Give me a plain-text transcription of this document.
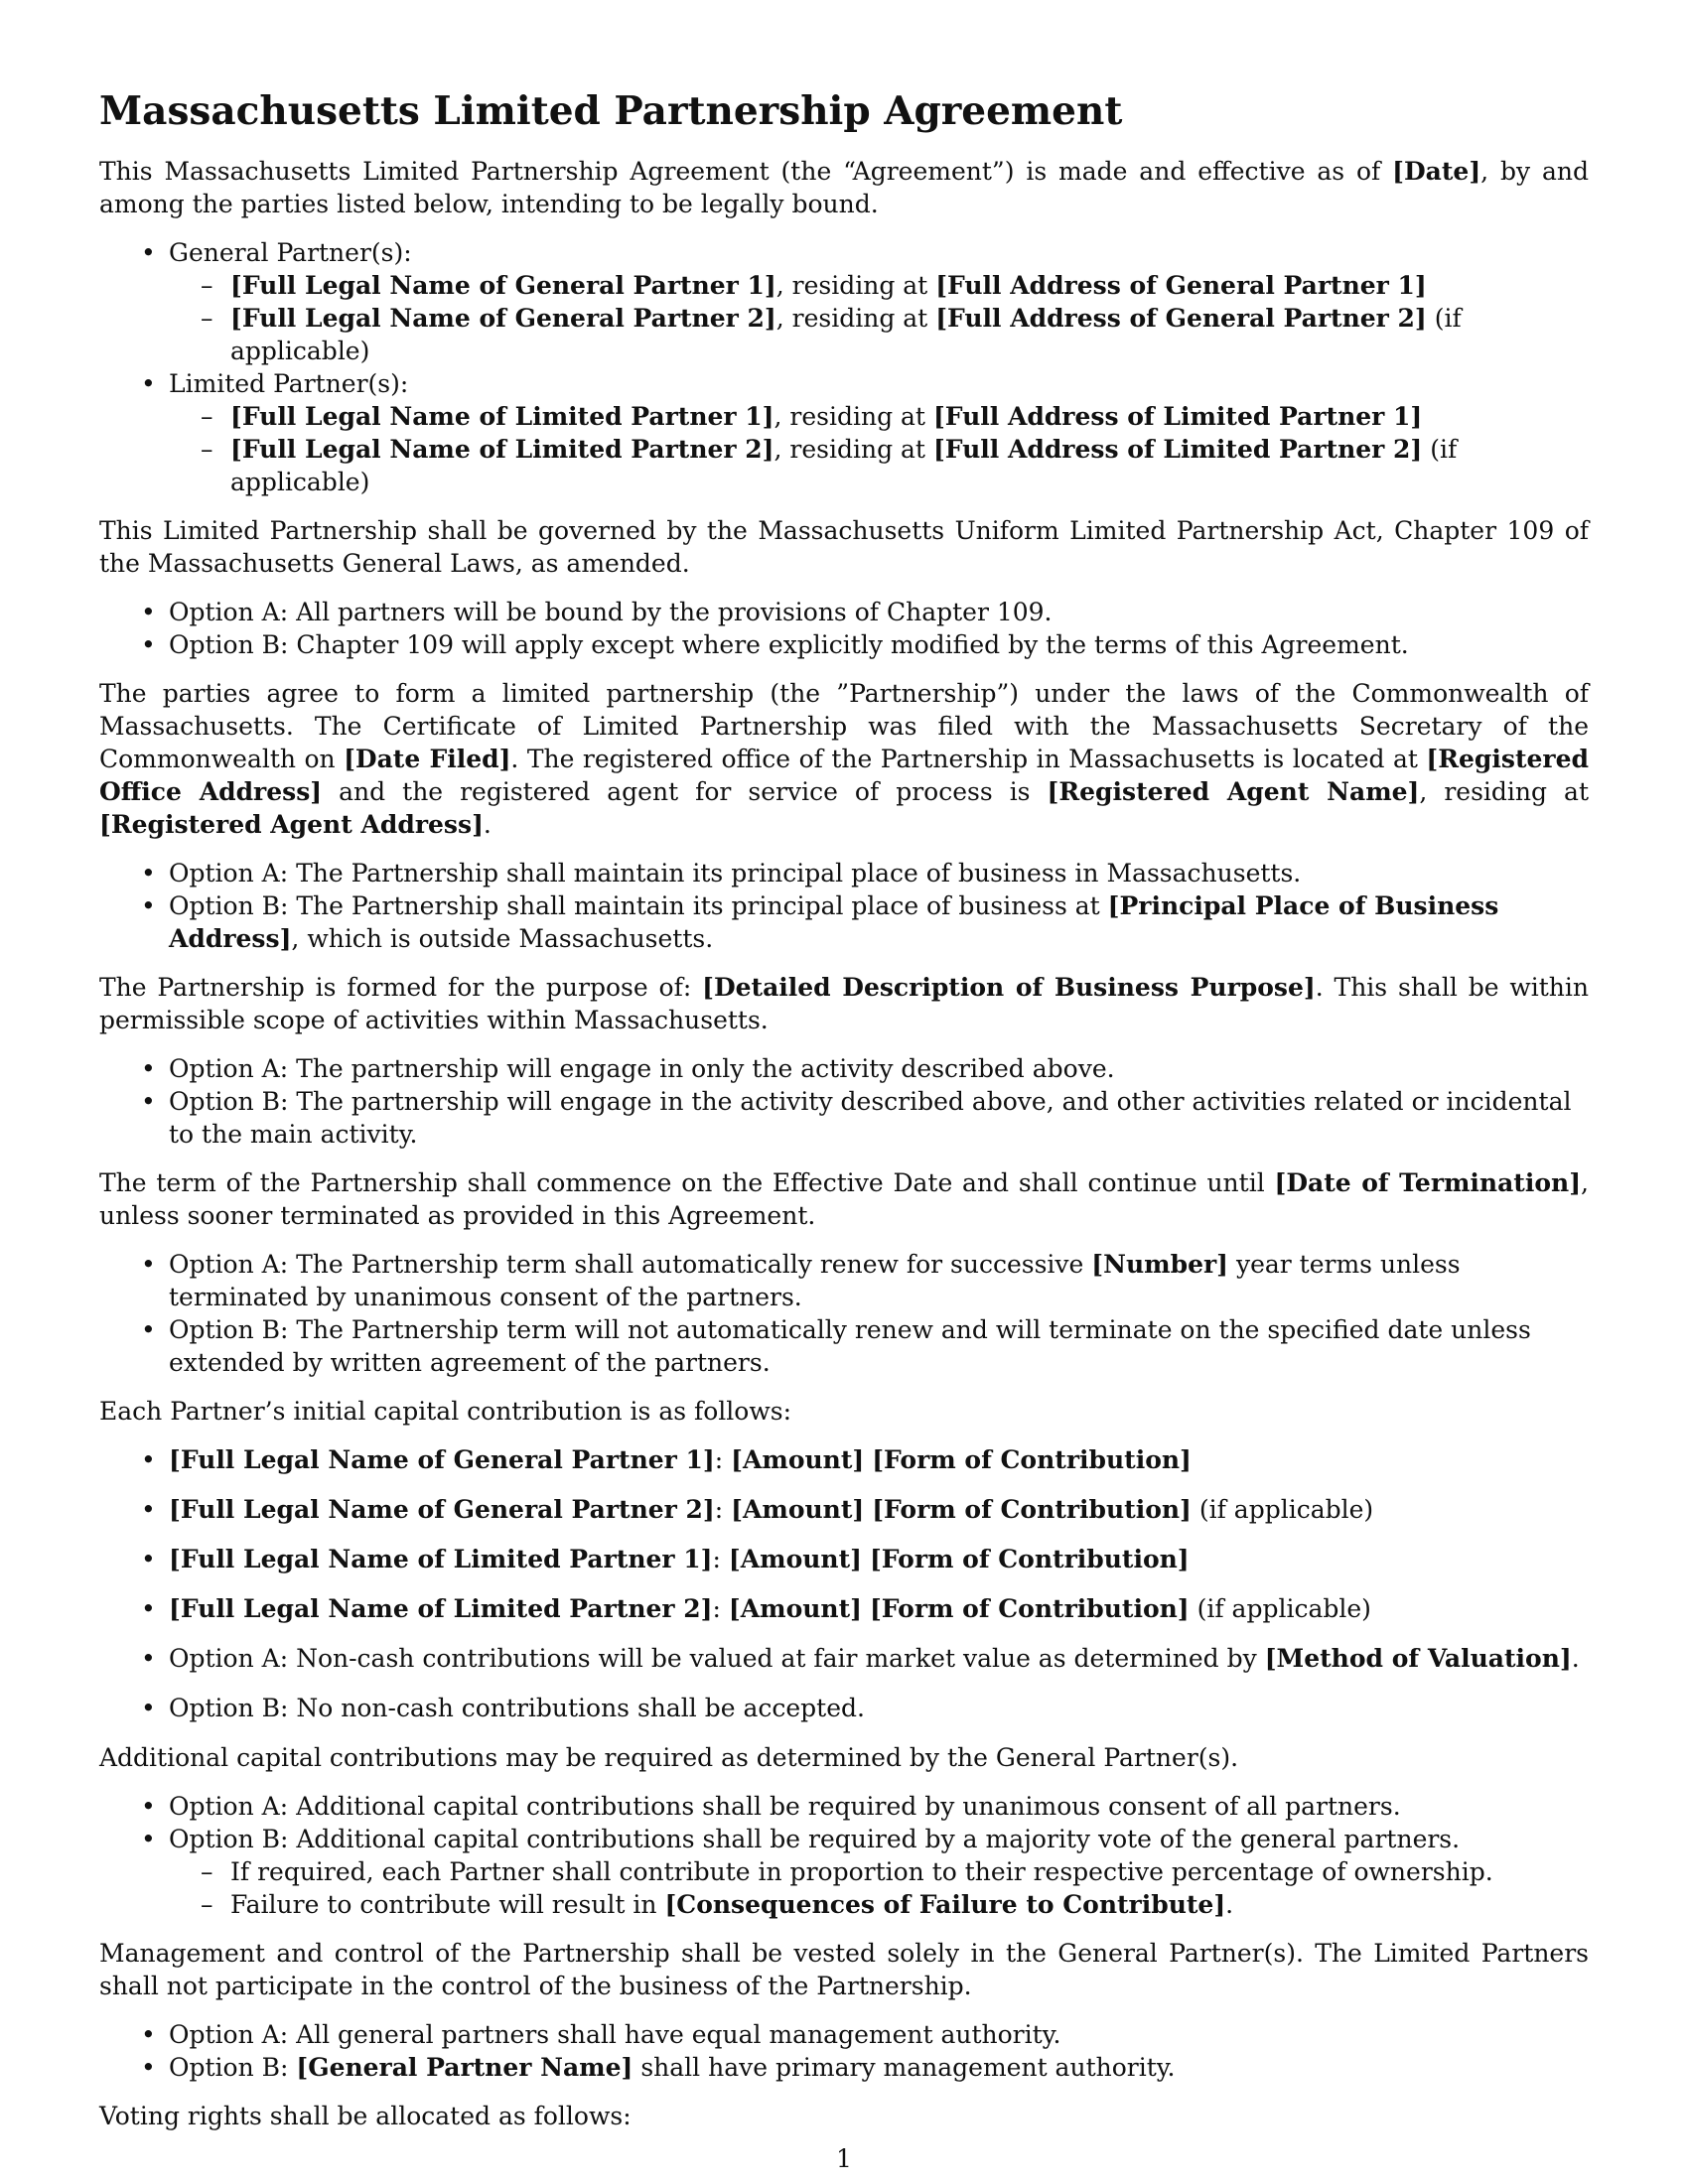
Massachusetts Limited Partnership Agreement

This Massachusetts Limited Partnership Agreement (the “Agreement”) is made and effective as of [Date], by and among the parties listed below, intending to be legally bound.

• General Partner(s):
– [Full Legal Name of General Partner 1], residing at [Full Address of General Partner 1]
– [Full Legal Name of General Partner 2], residing at [Full Address of General Partner 2] (if applicable)
• Limited Partner(s):
– [Full Legal Name of Limited Partner 1], residing at [Full Address of Limited Partner 1]
– [Full Legal Name of Limited Partner 2], residing at [Full Address of Limited Partner 2] (if applicable)

This Limited Partnership shall be governed by the Massachusetts Uniform Limited Partnership Act, Chapter 109 of the Massachusetts General Laws, as amended.

• Option A: All partners will be bound by the provisions of Chapter 109.
• Option B: Chapter 109 will apply except where explicitly modified by the terms of this Agreement.

The parties agree to form a limited partnership (the ”Partnership”) under the laws of the Commonwealth of Massachusetts. The Certificate of Limited Partnership was filed with the Massachusetts Secretary of the Commonwealth on [Date Filed]. The registered office of the Partnership in Massachusetts is located at [Registered Office Address] and the registered agent for service of process is [Registered Agent Name], residing at [Registered Agent Address].

• Option A: The Partnership shall maintain its principal place of business in Massachusetts.
• Option B: The Partnership shall maintain its principal place of business at [Principal Place of Business Address], which is outside Massachusetts.

The Partnership is formed for the purpose of: [Detailed Description of Business Purpose]. This shall be within permissible scope of activities within Massachusetts.

• Option A: The partnership will engage in only the activity described above.
• Option B: The partnership will engage in the activity described above, and other activities related or incidental to the main activity.

The term of the Partnership shall commence on the Effective Date and shall continue until [Date of Termination], unless sooner terminated as provided in this Agreement.

• Option A: The Partnership term shall automatically renew for successive [Number] year terms unless terminated by unanimous consent of the partners.
• Option B: The Partnership term will not automatically renew and will terminate on the specified date unless extended by written agreement of the partners.

Each Partner’s initial capital contribution is as follows:

• [Full Legal Name of General Partner 1]: [Amount] [Form of Contribution]
• [Full Legal Name of General Partner 2]: [Amount] [Form of Contribution] (if applicable)
• [Full Legal Name of Limited Partner 1]: [Amount] [Form of Contribution]
• [Full Legal Name of Limited Partner 2]: [Amount] [Form of Contribution] (if applicable)
• Option A: Non-cash contributions will be valued at fair market value as determined by [Method of Valuation].
• Option B: No non-cash contributions shall be accepted.

Additional capital contributions may be required as determined by the General Partner(s).

• Option A: Additional capital contributions shall be required by unanimous consent of all partners.
• Option B: Additional capital contributions shall be required by a majority vote of the general partners.
– If required, each Partner shall contribute in proportion to their respective percentage of ownership.
– Failure to contribute will result in [Consequences of Failure to Contribute].

Management and control of the Partnership shall be vested solely in the General Partner(s). The Limited Partners shall not participate in the control of the business of the Partnership.

• Option A: All general partners shall have equal management authority.
• Option B: [General Partner Name] shall have primary management authority.

Voting rights shall be allocated as follows:

1
